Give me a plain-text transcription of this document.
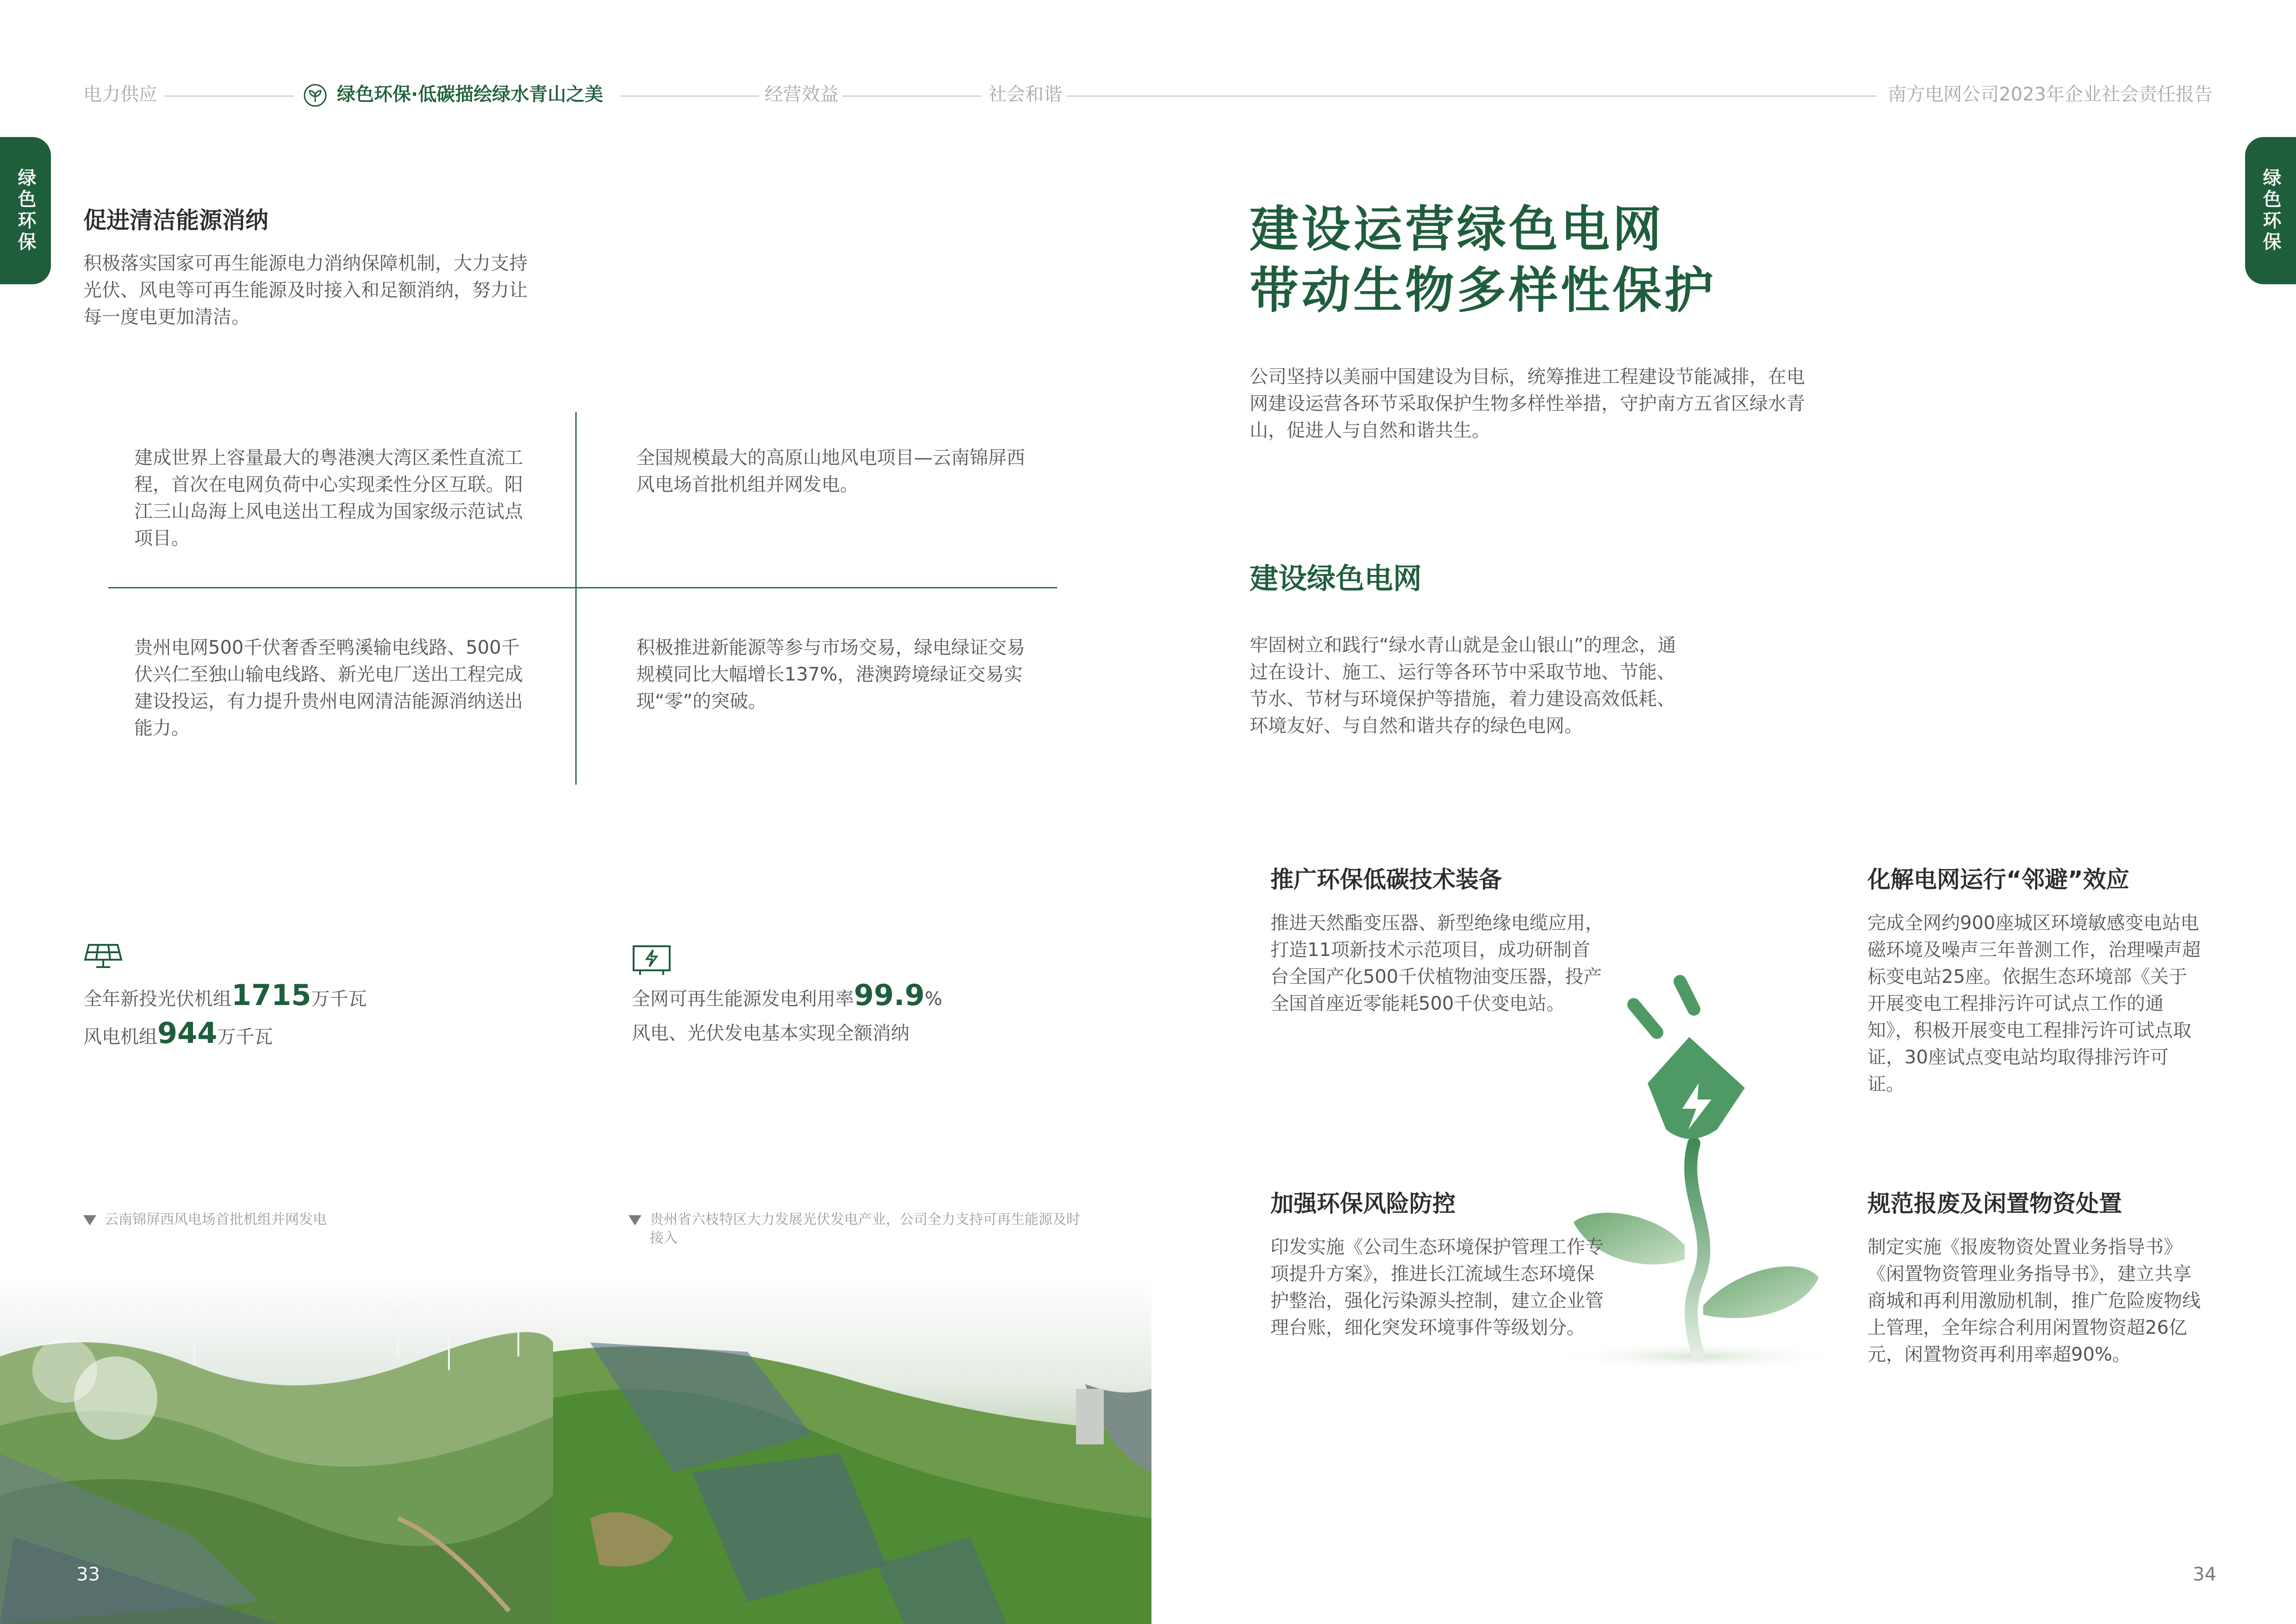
电力供应	绿色环保·低碳描绘绿水青山之美	经营效益	社会和谐	南方电网公司2023年企业社会责任报告
绿色环保	绿色环保
促进清洁能源消纳
积极落实国家可再生能源电力消纳保障机制，大力支持光伏、风电等可再生能源及时接入和足额消纳，努力让每一度电更加清洁。
建成世界上容量最大的粤港澳大湾区柔性直流工程，首次在电网负荷中心实现柔性分区互联。阳江三山岛海上风电送出工程成为国家级示范试点项目。
全国规模最大的高原山地风电项目—云南锦屏西风电场首批机组并网发电。
贵州电网500千伏奢香至鸭溪输电线路、500千伏兴仁至独山输电线路、新光电厂送出工程完成建设投运，有力提升贵州电网清洁能源消纳送出能力。
积极推进新能源等参与市场交易，绿电绿证交易规模同比大幅增长137%，港澳跨境绿证交易实现“零”的突破。
全年新投光伏机组1715万千瓦
风电机组944万千瓦
全网可再生能源发电利用率99.9%
风电、光伏发电基本实现全额消纳
云南锦屏西风电场首批机组并网发电	贵州省六枝特区大力发展光伏发电产业，公司全力支持可再生能源及时接入
33
建设运营绿色电网
带动生物多样性保护
公司坚持以美丽中国建设为目标，统筹推进工程建设节能减排，在电网建设运营各环节采取保护生物多样性举措，守护南方五省区绿水青山，促进人与自然和谐共生。
建设绿色电网
牢固树立和践行“绿水青山就是金山银山”的理念，通过在设计、施工、运行等各环节中采取节地、节能、节水、节材与环境保护等措施，着力建设高效低耗、环境友好、与自然和谐共存的绿色电网。
推广环保低碳技术装备
推进天然酯变压器、新型绝缘电缆应用，打造11项新技术示范项目，成功研制首台全国产化500千伏植物油变压器，投产全国首座近零能耗500千伏变电站。
化解电网运行“邻避”效应
完成全网约900座城区环境敏感变电站电磁环境及噪声三年普测工作，治理噪声超标变电站25座。依据生态环境部《关于开展变电工程排污许可试点工作的通知》，积极开展变电工程排污许可试点取证，30座试点变电站均取得排污许可证。
加强环保风险防控
印发实施《公司生态环境保护管理工作专项提升方案》，推进长江流域生态环境保护整治，强化污染源头控制，建立企业管理台账，细化突发环境事件等级划分。
规范报废及闲置物资处置
制定实施《报废物资处置业务指导书》《闲置物资管理业务指导书》，建立共享商城和再利用激励机制，推广危险废物线上管理，全年综合利用闲置物资超26亿元，闲置物资再利用率超90%。
34
